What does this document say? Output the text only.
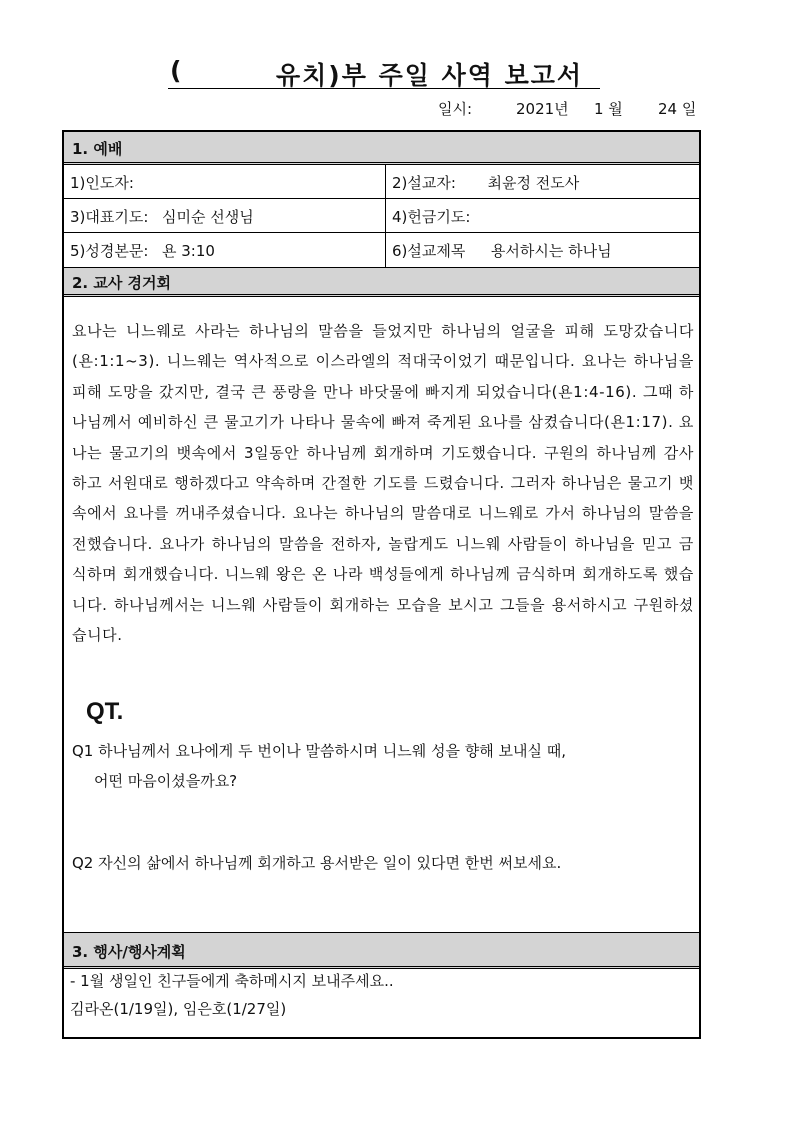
(	유치)부 주일 사역 보고서
일시:	2021년 1 월 24 일
1. 예배
1)인도자:	2)설교자: 최윤정 전도사
3)대표기도: 심미순 선생님	4)헌금기도:
5)성경본문: 욘 3:10	6)설교제목 용서하시는 하나님
2. 교사 경거회
요나는 니느웨로 사라는 하나님의 말씀을 들었지만 하나님의 얼굴을 피해 도망갔습니다(욘:1:1~3). 니느웨는 역사적으로 이스라엘의 적대국이었기 때문입니다. 요나는 하나님을 피해 도망을 갔지만, 결국 큰 풍랑을 만나 바닷물에 빠지게 되었습니다(욘1:4-16). 그때 하나님께서 예비하신 큰 물고기가 나타나 물속에 빠져 죽게된 요나를 삼켰습니다(욘1:17). 요나는 물고기의 뱃속에서 3일동안 하나님께 회개하며 기도했습니다. 구원의 하나님께 감사하고 서원대로 행하겠다고 약속하며 간절한 기도를 드렸습니다. 그러자 하나님은 물고기 뱃속에서 요나를 꺼내주셨습니다. 요나는 하나님의 말씀대로 니느웨로 가서 하나님의 말씀을 전했습니다. 요나가 하나님의 말씀을 전하자, 놀랍게도 니느웨 사람들이 하나님을 믿고 금식하며 회개했습니다. 니느웨 왕은 온 나라 백성들에게 하나님께 금식하며 회개하도록 했습니다. 하나님께서는 니느웨 사람들이 회개하는 모습을 보시고 그들을 용서하시고 구원하셨습니다.
QT.
Q1 하나님께서 요나에게 두 번이나 말씀하시며 니느웨 성을 향해 보내실 때,
어떤 마음이셨을까요?
Q2 자신의 삶에서 하나님께 회개하고 용서받은 일이 있다면 한번 써보세요.
3. 행사/행사계획
- 1월 생일인 친구들에게 축하메시지 보내주세요..
김라온(1/19일), 임은호(1/27일)
